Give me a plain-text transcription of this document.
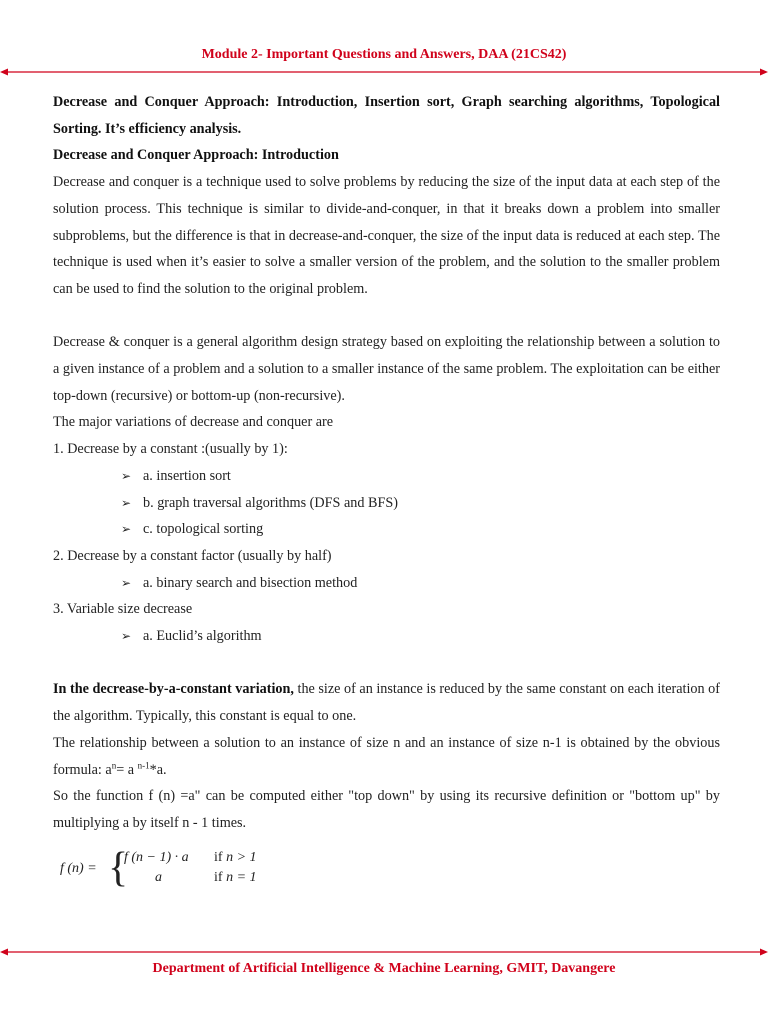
Module 2- Important Questions and Answers, DAA (21CS42)

Decrease and Conquer Approach: Introduction, Insertion sort, Graph searching algorithms, Topological Sorting. It’s efficiency analysis.

Decrease and Conquer Approach: Introduction

Decrease and conquer is a technique used to solve problems by reducing the size of the input data at each step of the solution process. This technique is similar to divide-and-conquer, in that it breaks down a problem into smaller subproblems, but the difference is that in decrease-and-conquer, the size of the input data is reduced at each step. The technique is used when it’s easier to solve a smaller version of the problem, and the solution to the smaller problem can be used to find the solution to the original problem.

Decrease & conquer is a general algorithm design strategy based on exploiting the relationship between a solution to a given instance of a problem and a solution to a smaller instance of the same problem. The exploitation can be either top-down (recursive) or bottom-up (non-recursive).

The major variations of decrease and conquer are

1. Decrease by a constant :(usually by 1):

➢ a. insertion sort

➢ b. graph traversal algorithms (DFS and BFS)

➢ c. topological sorting

2. Decrease by a constant factor (usually by half)

➢ a. binary search and bisection method

3. Variable size decrease

➢ a. Euclid’s algorithm

In the decrease-by-a-constant variation, the size of an instance is reduced by the same constant on each iteration of the algorithm. Typically, this constant is equal to one.

The relationship between a solution to an instance of size n and an instance of size n-1 is obtained by the obvious formula: $a^n= a$ $^{n-1}$*a.

So the function f (n) =a" can be computed either "top down" by using its recursive definition or "bottom up" by multiplying a by itself n - 1 times.

f (n) = {
f (n − 1) · a
a
if n > 1
if n = 1
Department of Artificial Intelligence & Machine Learning, GMIT, Davangere
